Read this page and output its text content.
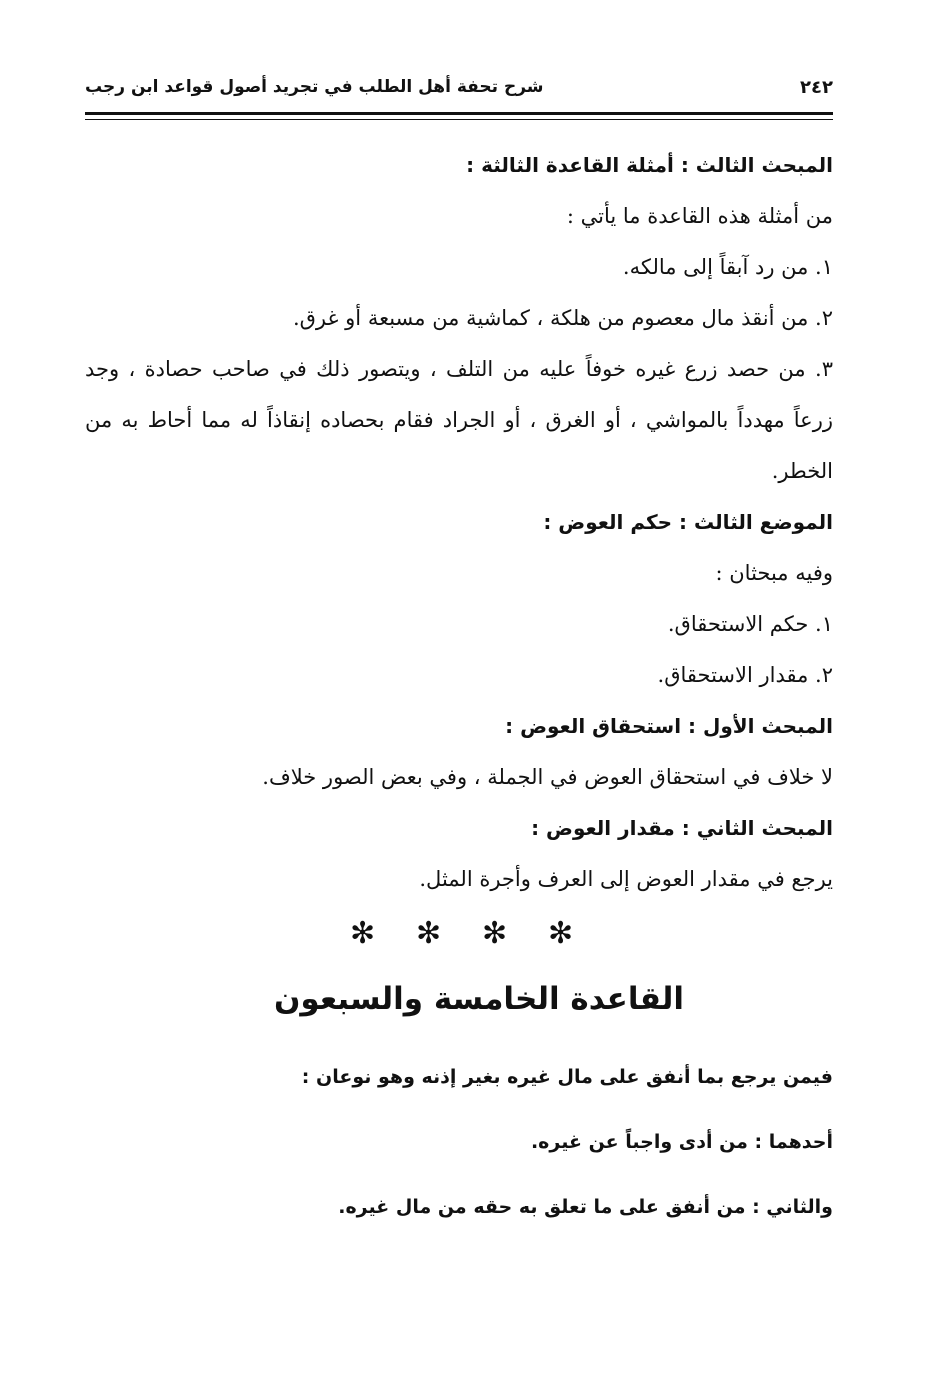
٢٤٢
شرح تحفة أهل الطلب في تجريد أصول قواعد ابن رجب

المبحث الثالث : أمثلة القاعدة الثالثة :

من أمثلة هذه القاعدة ما يأتي :

١. من رد آبقاً إلى مالكه.

٢. من أنقذ مال معصوم من هلكة ، كماشية من مسبعة أو غرق.

٣. من حصد زرع غيره خوفاً عليه من التلف ، ويتصور ذلك في صاحب حصادة ، وجد زرعاً مهدداً بالمواشي ، أو الغرق ، أو الجراد فقام بحصاده إنقاذاً له مما أحاط به من الخطر.

الموضع الثالث : حكم العوض :

وفيه مبحثان :

١. حكم الاستحقاق.

٢. مقدار الاستحقاق.

المبحث الأول : استحقاق العوض :

لا خلاف في استحقاق العوض في الجملة ، وفي بعض الصور خلاف.

المبحث الثاني : مقدار العوض :

يرجع في مقدار العوض إلى العرف وأجرة المثل.

✻ ✻ ✻ ✻
القاعدة الخامسة والسبعون

فيمن يرجع بما أنفق على مال غيره بغير إذنه وهو نوعان :

أحدهما : من أدى واجباً عن غيره.

والثاني : من أنفق على ما تعلق به حقه من مال غيره.
